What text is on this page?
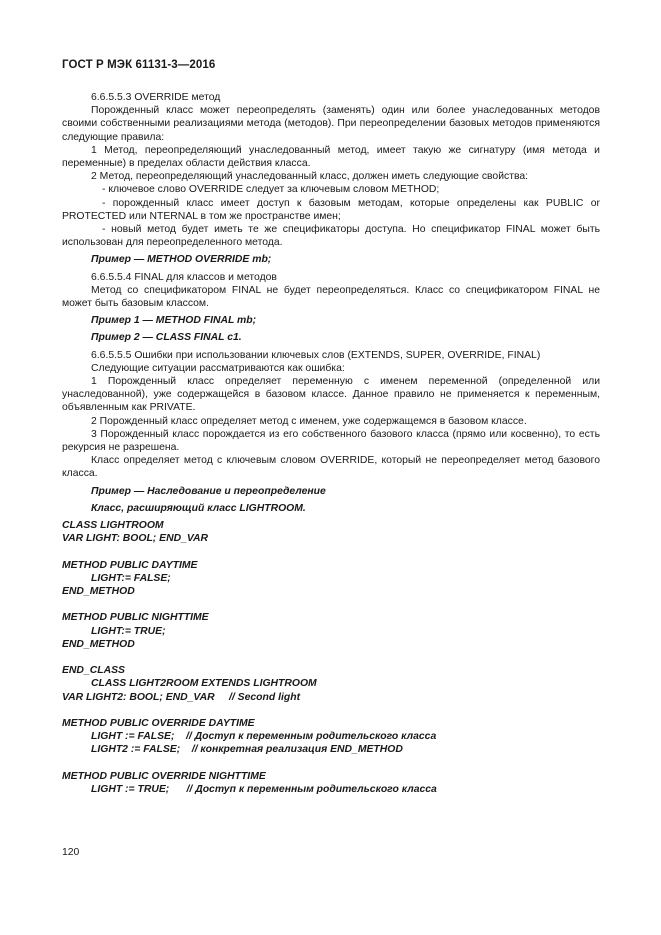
ГОСТ Р МЭК 61131-3—2016

6.6.5.5.3 OVERRIDE метод

Порожденный класс может переопределять (заменять) один или более унаследованных методов своими собственными реализациями метода (методов). При переопределении базовых методов применяются следующие правила:

1 Метод, переопределяющий унаследованный метод, имеет такую же сигнатуру (имя метода и переменные) в пределах области действия класса.

2 Метод, переопределяющий унаследованный класс, должен иметь следующие свойства:

- ключевое слово OVERRIDE следует за ключевым словом METHOD;

- порожденный класс имеет доступ к базовым методам, которые определены как PUBLIC or PROTECTED или NTERNAL в том же пространстве имен;

- новый метод будет иметь те же спецификаторы доступа. Но спецификатор FINAL может быть использован для переопределенного метода.

Пример — METHOD OVERRIDE mb;

6.6.5.5.4 FINAL для классов и методов

Метод со спецификатором FINAL не будет переопределяться. Класс со спецификатором FINAL не может быть базовым классом.

Пример 1 — METHOD FINAL mb;

Пример 2 — CLASS FINAL c1.

6.6.5.5.5 Ошибки при использовании ключевых слов (EXTENDS, SUPER, OVERRIDE, FINAL)

Следующие ситуации рассматриваются как ошибка:

1 Порожденный класс определяет переменную с именем переменной (определенной или унаследованной), уже содержащейся в базовом классе. Данное правило не применяется к переменным, объявленным как PRIVATE.

2 Порожденный класс определяет метод с именем, уже содержащемся в базовом классе.

3 Порожденный класс порождается из его собственного базового класса (прямо или косвенно), то есть рекурсия не разрешена.

Класс определяет метод с ключевым словом OVERRIDE, который не переопределяет метод базового класса.

Пример — Наследование и переопределение

Класс, расширяющий класс LIGHTROOM.

CLASS LIGHTROOM

VAR LIGHT: BOOL; END_VAR

METHOD PUBLIC DAYTIME

LIGHT:= FALSE;

END_METHOD

METHOD PUBLIC NIGHTTIME

LIGHT:= TRUE;

END_METHOD

END_CLASS

CLASS LIGHT2ROOM EXTENDS LIGHTROOM

VAR LIGHT2: BOOL; END_VAR     // Second light

METHOD PUBLIC OVERRIDE DAYTIME

LIGHT := FALSE;    // Доступ к переменным родительского класса

LIGHT2 := FALSE;    // конкретная реализация END_METHOD

METHOD PUBLIC OVERRIDE NIGHTTIME

LIGHT := TRUE;      // Доступ к переменным родительского класса

120
